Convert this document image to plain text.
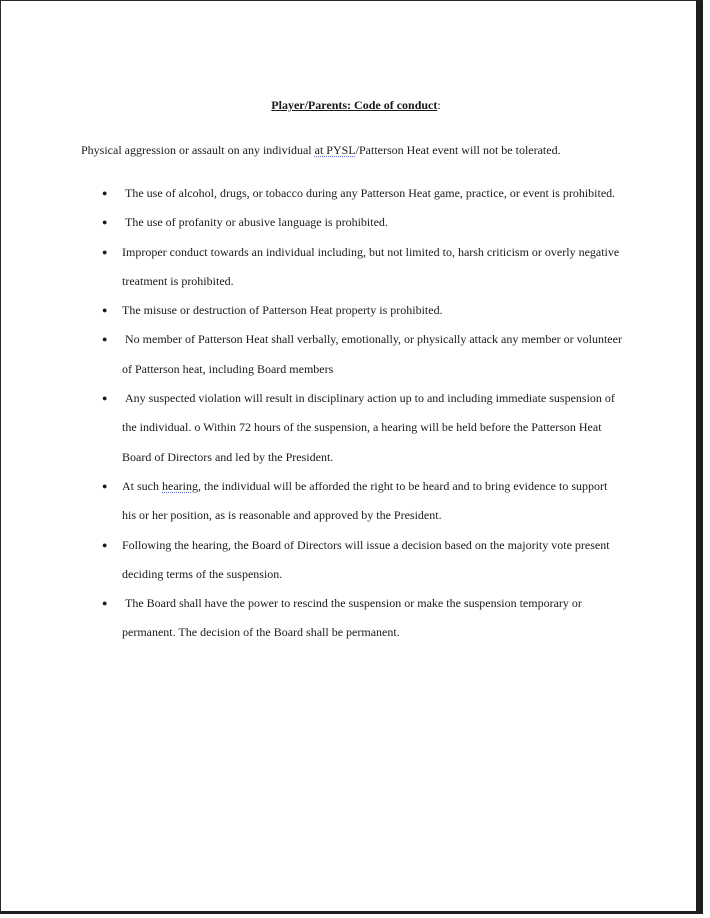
Player/Parents: Code of conduct:
Physical aggression or assault on any individual at PYSL/Patterson Heat event will not be tolerated.
● The use of alcohol, drugs, or tobacco during any Patterson Heat game, practice, or event is prohibited.
● The use of profanity or abusive language is prohibited.
● Improper conduct towards an individual including, but not limited to, harsh criticism or overly negative treatment is prohibited.
● The misuse or destruction of Patterson Heat property is prohibited.
● No member of Patterson Heat shall verbally, emotionally, or physically attack any member or volunteer of Patterson heat, including Board members
● Any suspected violation will result in disciplinary action up to and including immediate suspension of the individual. o Within 72 hours of the suspension, a hearing will be held before the Patterson Heat Board of Directors and led by the President.
● At such hearing, the individual will be afforded the right to be heard and to bring evidence to support his or her position, as is reasonable and approved by the President.
● Following the hearing, the Board of Directors will issue a decision based on the majority vote present deciding terms of the suspension.
● The Board shall have the power to rescind the suspension or make the suspension temporary or permanent. The decision of the Board shall be permanent.
